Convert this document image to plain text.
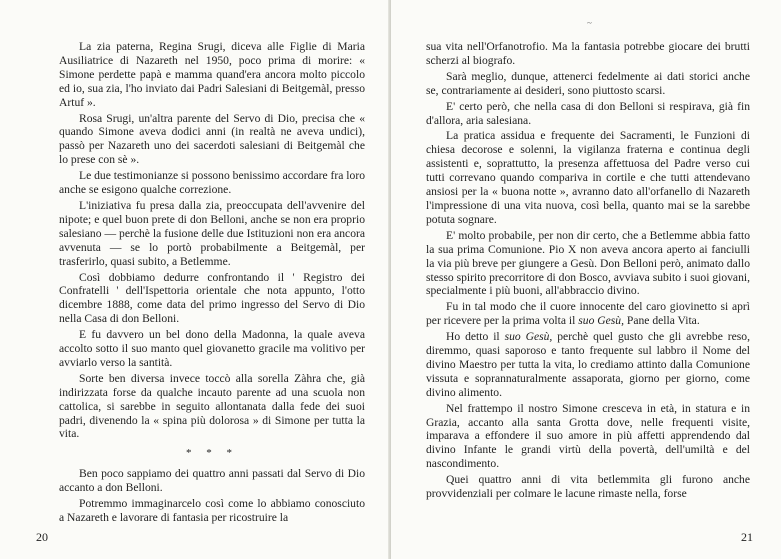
La zia paterna, Regina Srugi, diceva alle Figlie di Maria Ausiliatrice di Nazareth nel 1950, poco prima di morire: « Simone perdette papà e mamma quand'era ancora molto piccolo ed io, sua zia, l'ho inviato dai Padri Salesiani di Beitgemàl, presso Artuf ».

Rosa Srugi, un'altra parente del Servo di Dio, precisa che « quando Simone aveva dodici anni (in realtà ne aveva undici), passò per Nazareth uno dei sacerdoti salesiani di Beitgemàl che lo prese con sè ».

Le due testimonianze si possono benissimo accordare fra loro anche se esigono qualche correzione.

L'iniziativa fu presa dalla zia, preoccupata dell'avvenire del nipote; e quel buon prete di don Belloni, anche se non era proprio salesiano — perchè la fusione delle due Istituzioni non era ancora avvenuta — se lo portò probabilmente a Beitgemàl, per trasferirlo, quasi subito, a Betlemme.

Così dobbiamo dedurre confrontando il ' Registro dei Confratelli ' dell'Ispettoria orientale che nota appunto, l'otto dicembre 1888, come data del primo ingresso del Servo di Dio nella Casa di don Belloni.

E fu davvero un bel dono della Madonna, la quale aveva accolto sotto il suo manto quel giovanetto gracile ma volitivo per avviarlo verso la santità.

Sorte ben diversa invece toccò alla sorella Zàhra che, già indirizzata forse da qualche incauto parente ad una scuola non cattolica, si sarebbe in seguito allontanata dalla fede dei suoi padri, divenendo la « spina più dolorosa » di Simone per tutta la vita.

* * *

Ben poco sappiamo dei quattro anni passati dal Servo di Dio accanto a don Belloni.

Potremmo immaginarcelo così come lo abbiamo conosciuto a Nazareth e lavorare di fantasia per ricostruire la

20
~

sua vita nell'Orfanotrofio. Ma la fantasia potrebbe giocare dei brutti scherzi al biografo.

Sarà meglio, dunque, attenerci fedelmente ai dati storici anche se, contrariamente ai desideri, sono piuttosto scarsi.

E' certo però, che nella casa di don Belloni si respirava, già fin d'allora, aria salesiana.

La pratica assidua e frequente dei Sacramenti, le Funzioni di chiesa decorose e solenni, la vigilanza fraterna e continua degli assistenti e, soprattutto, la presenza affettuosa del Padre verso cui tutti correvano quando compariva in cortile e che tutti attendevano ansiosi per la « buona notte », avranno dato all'orfanello di Nazareth l'impressione di una vita nuova, così bella, quanto mai se la sarebbe potuta sognare.

E' molto probabile, per non dir certo, che a Betlemme abbia fatto la sua prima Comunione. Pio X non aveva ancora aperto ai fanciulli la via più breve per giungere a Gesù. Don Belloni però, animato dallo stesso spirito precorritore di don Bosco, avviava subito i suoi giovani, specialmente i più buoni, all'abbraccio divino.

Fu in tal modo che il cuore innocente del caro giovinetto si aprì per ricevere per la prima volta il suo Gesù, Pane della Vita.

Ho detto il suo Gesù, perchè quel gusto che gli avrebbe reso, diremmo, quasi saporoso e tanto frequente sul labbro il Nome del divino Maestro per tutta la vita, lo crediamo attinto dalla Comunione vissuta e soprannaturalmente assaporata, giorno per giorno, come divino alimento.

Nel frattempo il nostro Simone cresceva in età, in statura e in Grazia, accanto alla santa Grotta dove, nelle frequenti visite, imparava a effondere il suo amore in più affetti apprendendo dal divino Infante le grandi virtù della povertà, dell'umiltà e del nascondimento.

Quei quattro anni di vita betlemmita gli furono anche provvidenziali per colmare le lacune rimaste nella, forse

21
